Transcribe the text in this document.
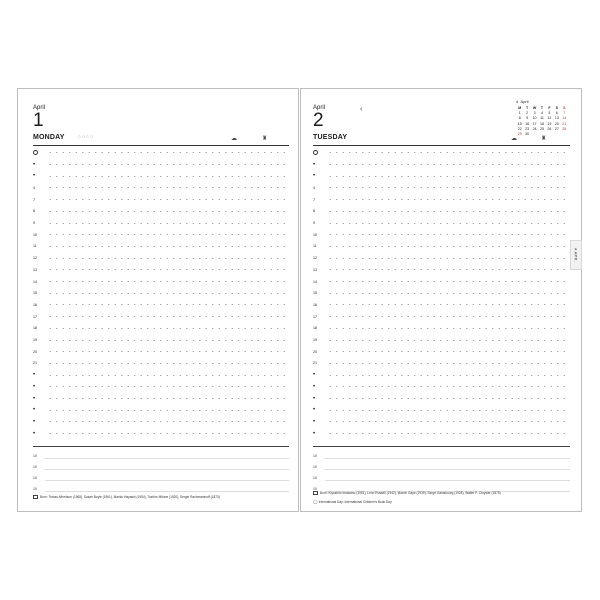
April
1
MONDAY	◌◌◌◌	☁	♜
•
•
4
7
8
9
10
11
12
13
14
15
16
17
18
19
20
21
•
•
•
•
•
•
10
10
10
10
Born: Tomas Alfredson (1965), Susan Boyle (1961), Mariko Hayashi (1954), Toshiro Mifune (1920), Sergei Rachmaninoff (1873)
April	‹
2
TUESDAY	☁	♜
4 April
M	T	W	T	F	S	S
1	2	3	4	5	6	7
8	9	10 11 12 13 14
15 16 17 18 19 20 21
22 23 24 25 26 27 28
29 30
•
•
4
7
8
9
10
11
12
13
14
15
16
17
18
19
20
21
•
•
•
•
•
•
10
10
10
10
Born: Kiyoshiro Imawano (1951), Leon Russell (1942), Marvin Gaye (1939), Serge Gainsbourg (1928), Walter P. Chrysler (1875)
◯ International Day: International Children's Book Day
4 APR.
